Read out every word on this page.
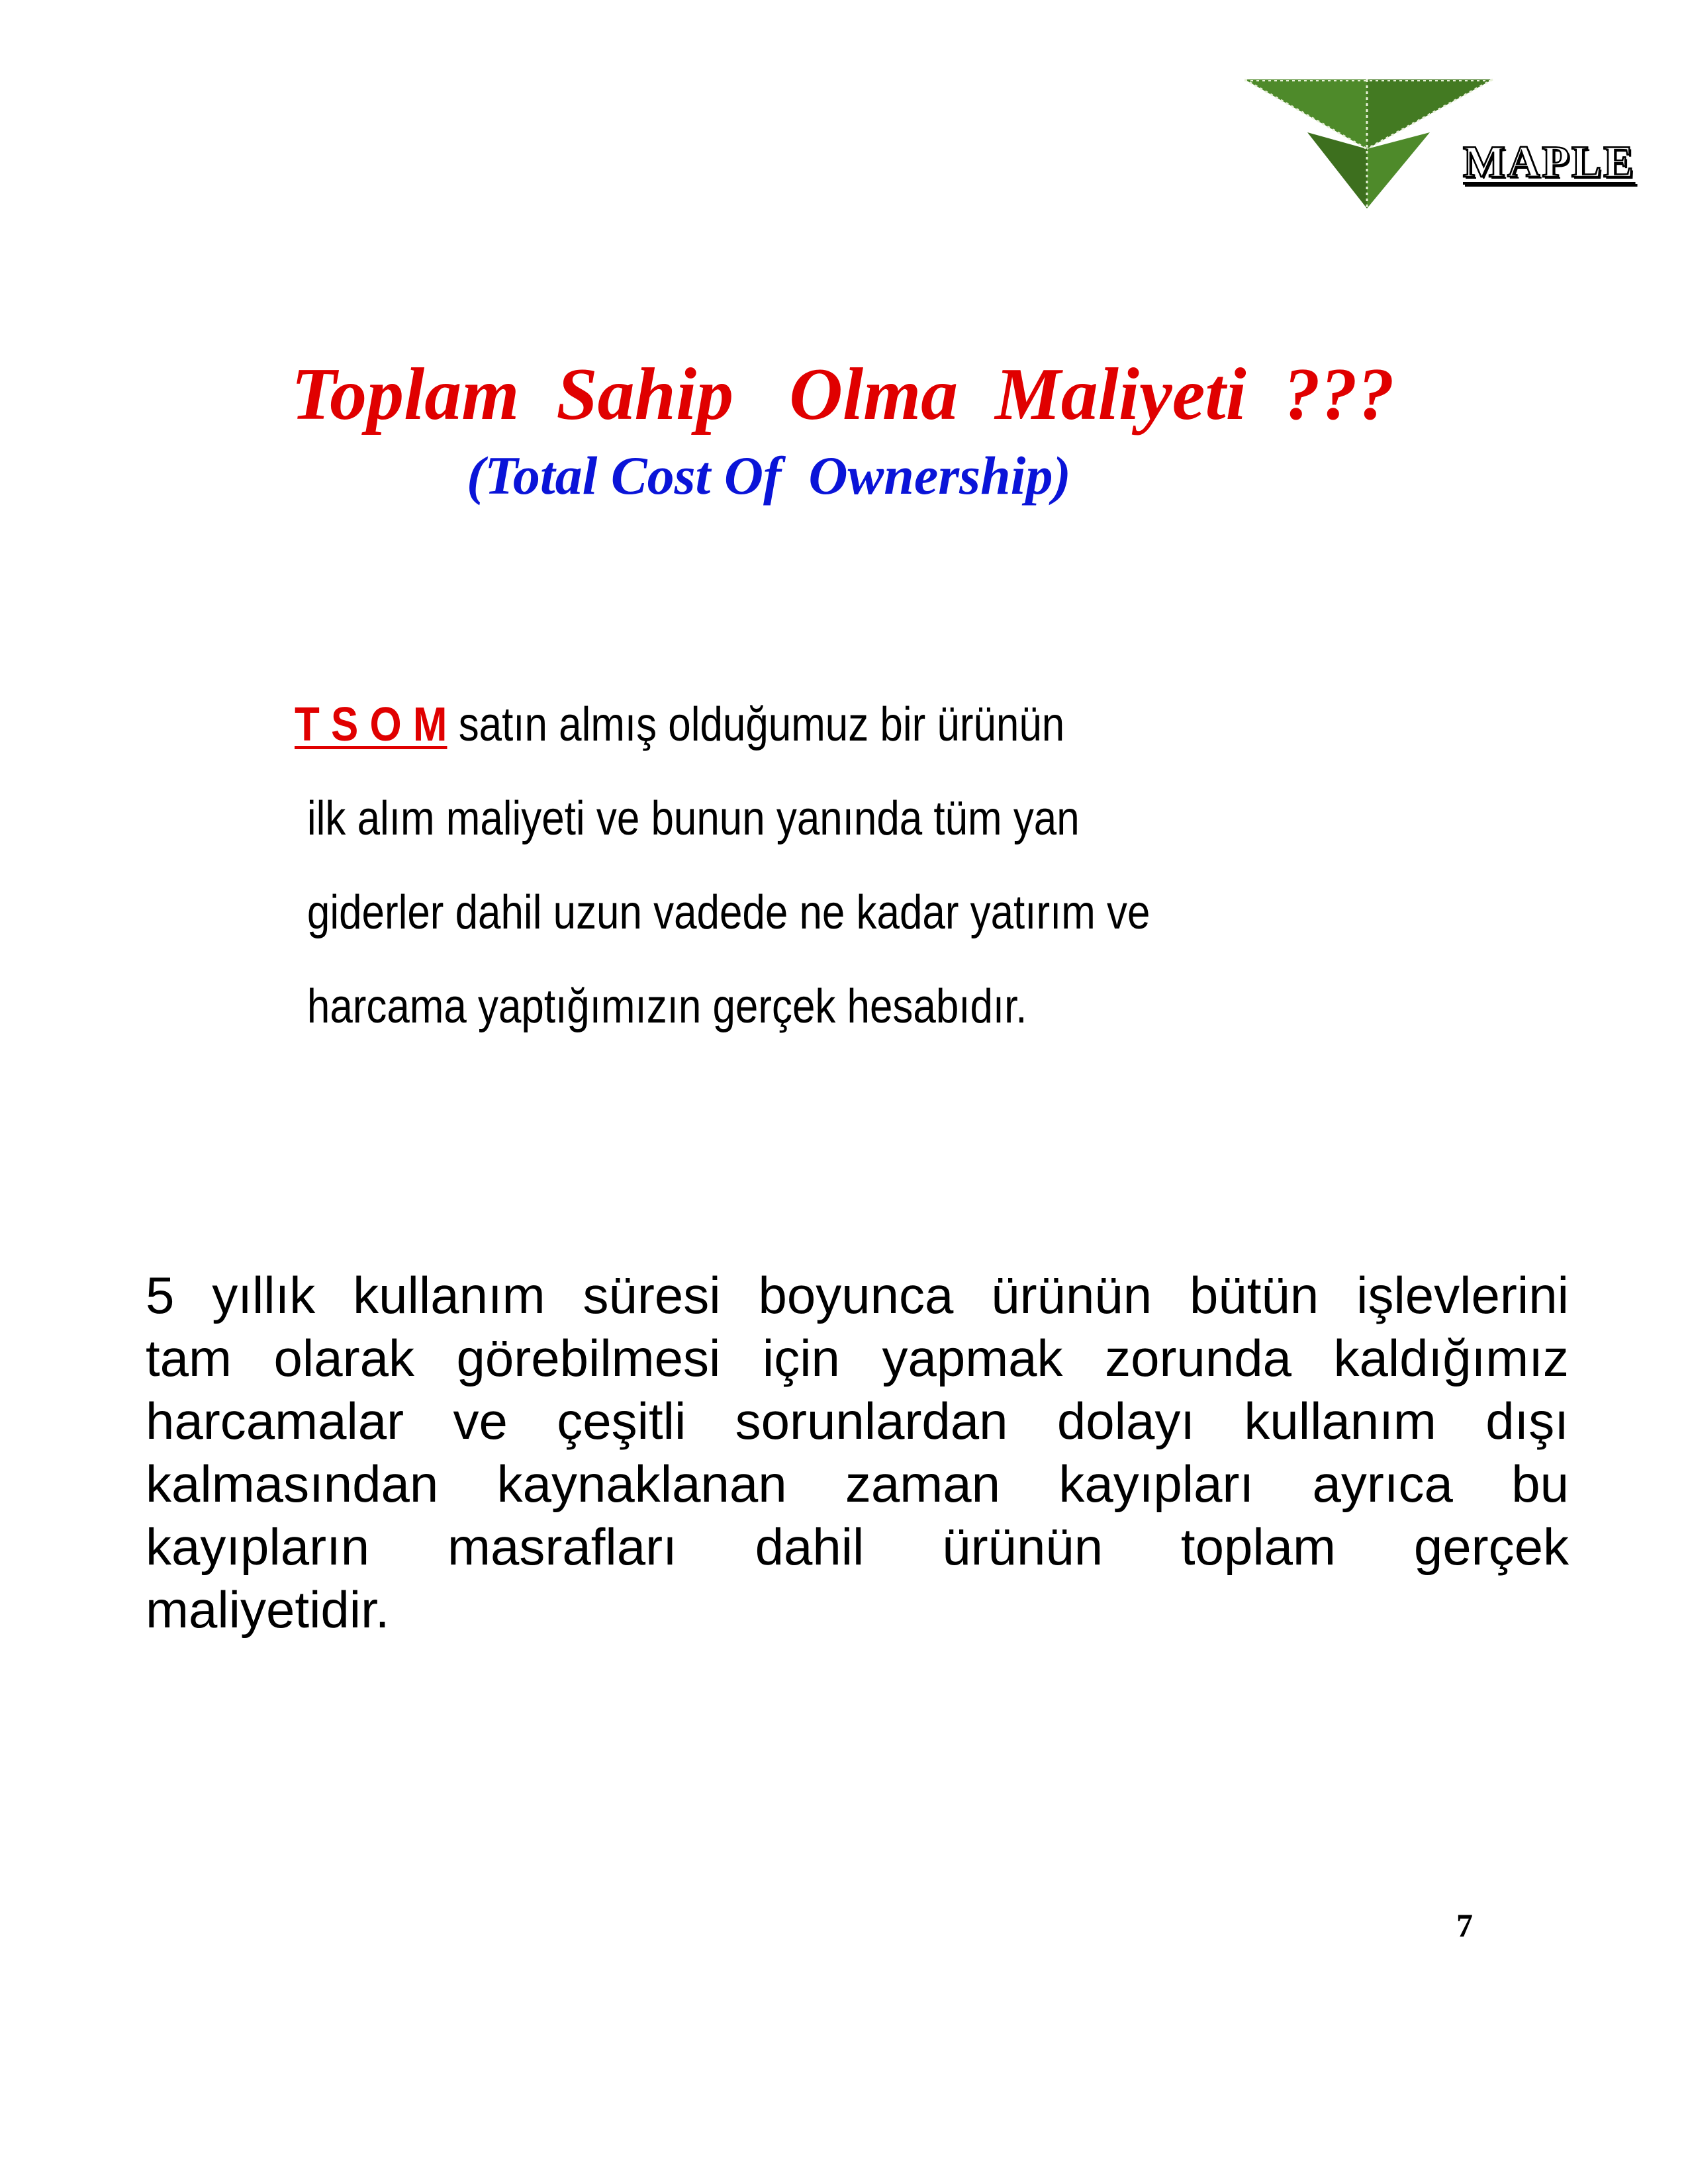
MAPLE
Toplam  Sahip   Olma  Maliyeti  ???
(Total Cost Of  Ownership)
T S O M satın almış olduğumuz bir ürünün
ilk alım maliyeti ve bunun yanında tüm yan
giderler dahil uzun vadede ne kadar yatırım ve
harcama yaptığımızın gerçek hesabıdır.
5 yıllık kullanım süresi boyunca ürünün bütün işlevlerini
tam olarak görebilmesi için yapmak zorunda kaldığımız
harcamalar ve çeşitli sorunlardan dolayı kullanım dışı
kalmasından kaynaklanan zaman kayıpları ayrıca bu
kayıpların masrafları dahil ürünün toplam gerçek
maliyetidir.
7
